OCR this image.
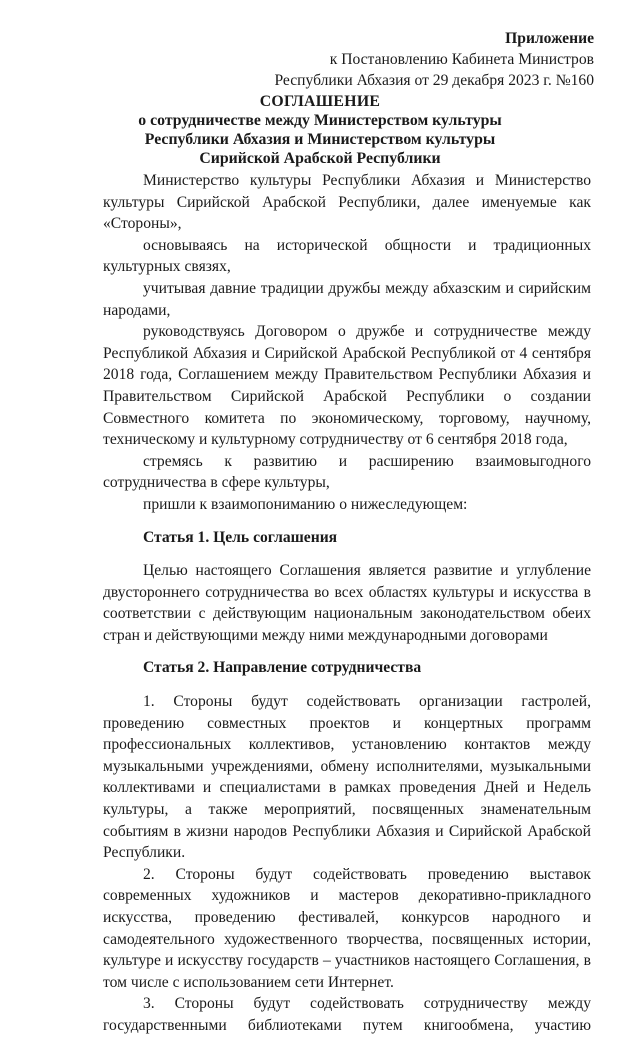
Приложение
к Постановлению Кабинета Министров
Республики Абхазия от 29 декабря 2023 г. №160
СОГЛАШЕНИЕ
о сотрудничестве между Министерством культуры
Республики Абхазия и Министерством культуры
Сирийской Арабской Республики

Министерство культуры Республики Абхазия и Министерство культуры Сирийской Арабской Республики, далее именуемые как «Стороны»,

основываясь на исторической общности и традиционных культурных связях,

учитывая давние традиции дружбы между абхазским и сирийским народами,

руководствуясь Договором о дружбе и сотрудничестве между Республикой Абхазия и Сирийской Арабской Республикой от 4 сентября 2018 года, Соглашением между Правительством Республики Абхазия и Правительством Сирийской Арабской Республики о создании Совместного комитета по экономическому, торговому, научному, техническому и культурному сотрудничеству от 6 сентября 2018 года,

стремясь к развитию и расширению взаимовыгодного сотрудничества в сфере культуры,

пришли к взаимопониманию о нижеследующем:

Статья 1. Цель соглашения

Целью настоящего Соглашения является развитие и углубление двустороннего сотрудничества во всех областях культуры и искусства в соответствии с действующим национальным законодательством обеих стран и действующими между ними международными договорами

Статья 2. Направление сотрудничества

1. Стороны будут содействовать организации гастролей, проведению совместных проектов и концертных программ профессиональных коллективов, установлению контактов между музыкальными учреждениями, обмену исполнителями, музыкальными коллективами и специалистами в рамках проведения Дней и Недель культуры, а также мероприятий, посвященных знаменательным событиям в жизни народов Республики Абхазия и Сирийской Арабской Республики.

2. Стороны будут содействовать проведению выставок современных художников и мастеров декоративно-прикладного искусства, проведению фестивалей, конкурсов народного и самодеятельного художественного творчества, посвященных истории, культуре и искусству государств – участников настоящего Соглашения, в том числе с использованием сети Интернет.

3. Стороны будут содействовать сотрудничеству между государственными библиотеками путем книгообмена, участию
